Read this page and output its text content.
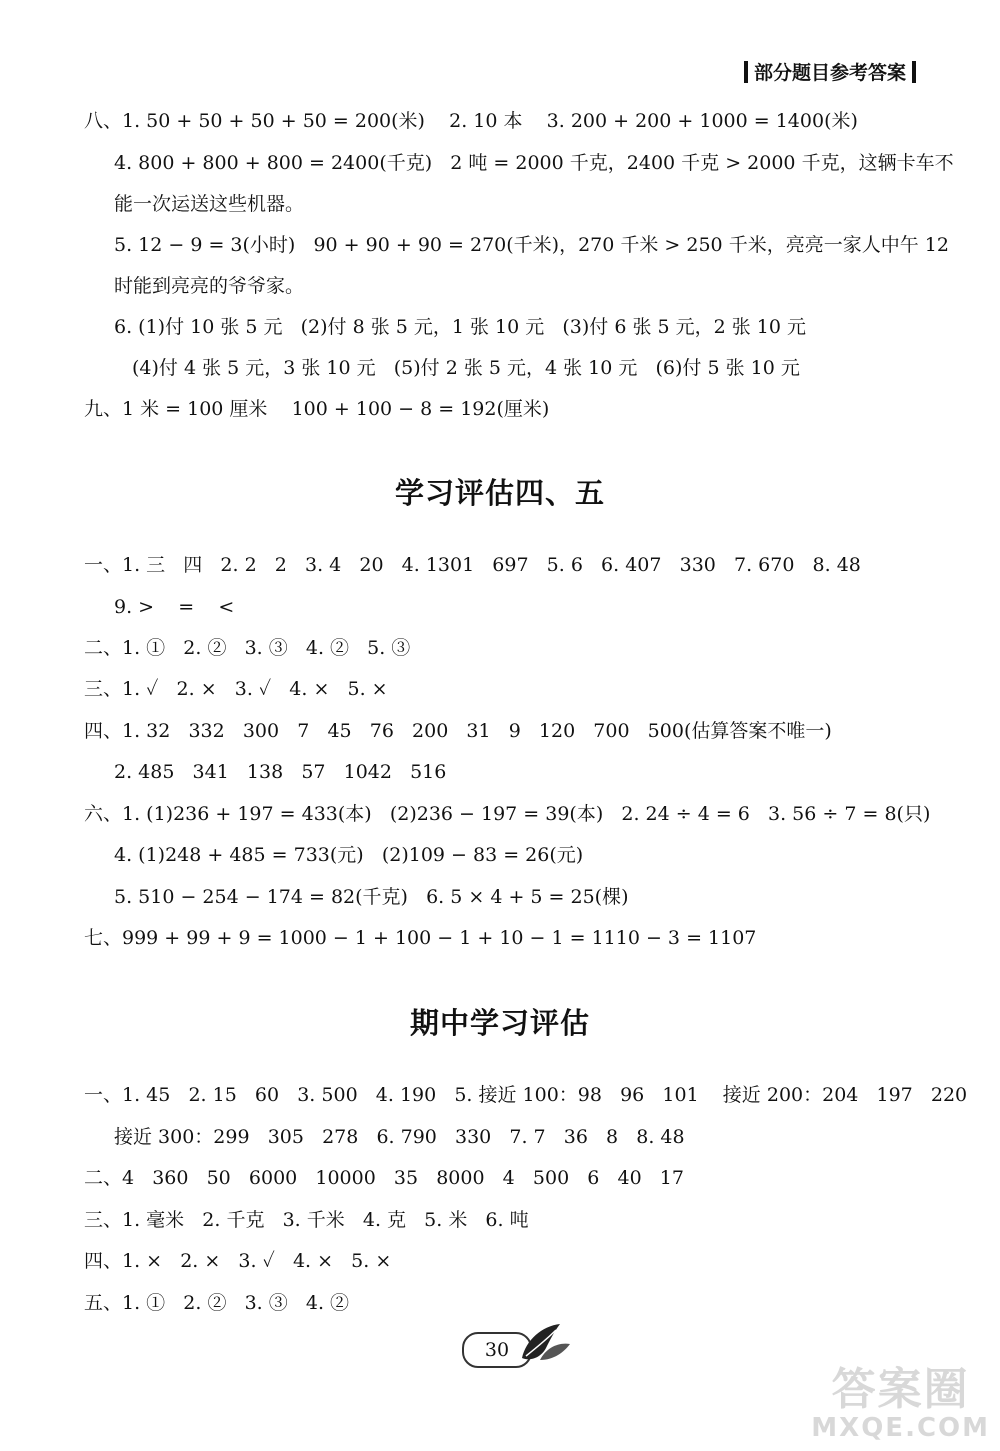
部分题目参考答案
八、1. 50 + 50 + 50 + 50 = 200(米)    2. 10 本    3. 200 + 200 + 1000 = 1400(米)
4. 800 + 800 + 800 = 2400(千克)   2 吨 = 2000 千克，2400 千克 > 2000 千克，这辆卡车不
能一次运送这些机器。
5. 12 − 9 = 3(小时)   90 + 90 + 90 = 270(千米)，270 千米 > 250 千米，亮亮一家人中午 12
时能到亮亮的爷爷家。
6. (1)付 10 张 5 元   (2)付 8 张 5 元，1 张 10 元   (3)付 6 张 5 元，2 张 10 元
(4)付 4 张 5 元，3 张 10 元   (5)付 2 张 5 元，4 张 10 元   (6)付 5 张 10 元
九、1 米 = 100 厘米    100 + 100 − 8 = 192(厘米)
学习评估四、五
一、1. 三   四   2. 2   2   3. 4   20   4. 1301   697   5. 6   6. 407   330   7. 670   8. 48
9. >    =    <
二、1. ①   2. ②   3. ③   4. ②   5. ③
三、1. ✓   2. ×   3. ✓   4. ×   5. ×
四、1. 32   332   300   7   45   76   200   31   9   120   700   500(估算答案不唯一)
2. 485   341   138   57   1042   516
六、1. (1)236 + 197 = 433(本)   (2)236 − 197 = 39(本)   2. 24 ÷ 4 = 6   3. 56 ÷ 7 = 8(只)
4. (1)248 + 485 = 733(元)   (2)109 − 83 = 26(元)
5. 510 − 254 − 174 = 82(千克)   6. 5 × 4 + 5 = 25(棵)
七、999 + 99 + 9 = 1000 − 1 + 100 − 1 + 10 − 1 = 1110 − 3 = 1107
期中学习评估
一、1. 45   2. 15   60   3. 500   4. 190   5. 接近 100：98   96   101    接近 200：204   197   220
接近 300：299   305   278   6. 790   330   7. 7   36   8   8. 48
二、4   360   50   6000   10000   35   8000   4   500   6   40   17
三、1. 毫米   2. 千克   3. 千米   4. 克   5. 米   6. 吨
四、1. ×   2. ×   3. ✓   4. ×   5. ×
五、1. ①   2. ②   3. ③   4. ②
30
答案圈
MXQE.COM
